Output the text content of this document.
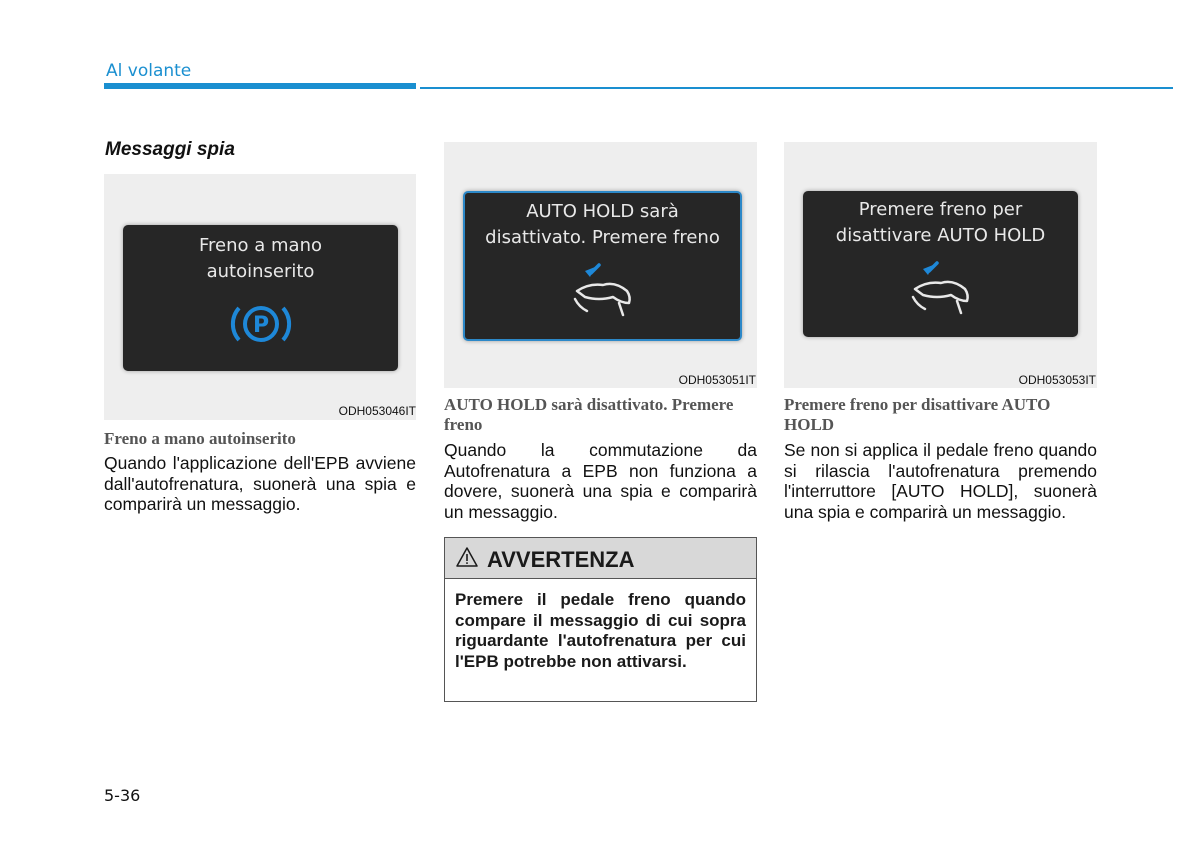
Al volante
Messaggi spia
Freno a mano
autoinserito
P
ODH053046IT
AUTO HOLD sarà
disattivato. Premere freno
ODH053051IT
Premere freno per
disattivare AUTO HOLD
ODH053053IT
Freno a mano autoinserito
Quando l'applicazione dell'EPB avviene dall'autofrenatura, suonerà una spia e comparirà un messaggio.
AUTO HOLD sarà disattivato. Premere freno
Quando la commutazione da Autofrenatura a EPB non funziona a dovere, suonerà una spia e comparirà un messaggio.
AVVERTENZA
Premere il pedale freno quando compare il messaggio di cui sopra riguardante l'autofrenatura per cui l'EPB potrebbe non attivarsi.
Premere freno per disattivare AUTO HOLD
Se non si applica il pedale freno quando si rilascia l'autofrenatura premendo l'interruttore [AUTO HOLD], suonerà una spia e comparirà un messaggio.
5-36
